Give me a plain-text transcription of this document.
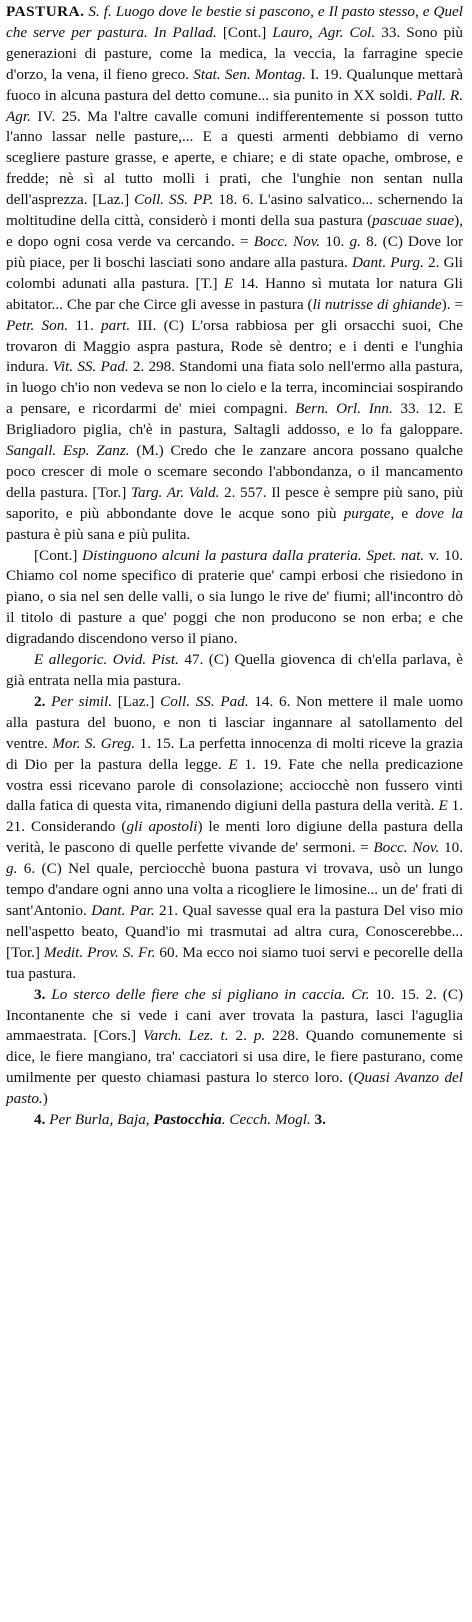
PASTURA. S. f. Luogo dove le bestie si pascono, e Il pasto stesso, e Quel che serve per pastura. In Pallad. [Cont.] Lauro, Agr. Col. 33. Sono più generazioni di pasture, come la medica, la veccia, la farragine specie d'orzo, la vena, il fieno greco. Stat. Sen. Montag. I. 19. Qualunque mettarà fuoco in alcuna pastura del detto comune... sia punito in XX soldi. Pall. R. Agr. IV. 25. Ma l'altre cavalle comuni indifferentemente si posson tutto l'anno lassar nelle pasture,... E a questi armenti debbiamo di verno scegliere pasture grasse, e aperte, e chiare; e di state opache, ombrose, e fredde; nè sì al tutto molli i prati, che l'unghie non sentan nulla dell'asprezza. [Laz.] Coll. SS. PP. 18. 6. L'asino salvatico... schernendo la moltitudine della città, considerò i monti della sua pastura (pascuae suae), e dopo ogni cosa verde va cercando. = Bocc. Nov. 10. g. 8. (C) Dove lor più piace, per li boschi lasciati sono andare alla pastura. Dant. Purg. 2. Gli colombi adunati alla pastura. [T.] E 14. Hanno sì mutata lor natura Gli abitator... Che par che Circe gli avesse in pastura (li nutrisse di ghiande). = Petr. Son. 11. part. III. (C) L'orsa rabbiosa per gli orsacchi suoi, Che trovaron di Maggio aspra pastura, Rode sè dentro; e i denti e l'unghia indura. Vit. SS. Pad. 2. 298. Standomi una fiata solo nell'ermo alla pastura, in luogo ch'io non vedeva se non lo cielo e la terra, incominciai sospirando a pensare, e ricordarmi de' miei compagni. Bern. Orl. Inn. 33. 12. E Brigliadoro piglia, ch'è in pastura, Saltagli addosso, e lo fa galoppare. Sangall. Esp. Zanz. (M.) Credo che le zanzare ancora possano qualche poco crescer di mole o scemare secondo l'abbondanza, o il mancamento della pastura. [Tor.] Targ. Ar. Vald. 2. 557. Il pesce è sempre più sano, più saporito, e più abbondante dove le acque sono più purgate, e dove la pastura è più sana e più pulita.

[Cont.] Distinguono alcuni la pastura dalla prateria. Spet. nat. v. 10. Chiamo col nome specifico di praterie que' campi erbosi che risiedono in piano, o sia nel sen delle valli, o sia lungo le rive de' fiumi; all'incontro dò il titolo di pasture a que' poggi che non producono se non erba; e che digradando discendono verso il piano.

E allegoric. Ovid. Pist. 47. (C) Quella giovenca di ch'ella parlava, è già entrata nella mia pastura.

2. Per simil. [Laz.] Coll. SS. Pad. 14. 6. Non mettere il male uomo alla pastura del buono, e non ti lasciar ingannare al satollamento del ventre. Mor. S. Greg. 1. 15. La perfetta innocenza di molti riceve la grazia di Dio per la pastura della legge. E 1. 19. Fate che nella predicazione vostra essi ricevano parole di consolazione; acciocchè non fussero vinti dalla fatica di questa vita, rimanendo digiuni della pastura della verità. E 1. 21. Considerando (gli apostoli) le menti loro digiune della pastura della verità, le pascono di quelle perfette vivande de' sermoni. = Bocc. Nov. 10. g. 6. (C) Nel quale, perciocchè buona pastura vi trovava, usò un lungo tempo d'andare ogni anno una volta a ricogliere le limosine... un de' frati di sant'Antonio. Dant. Par. 21. Qual savesse qual era la pastura Del viso mio nell'aspetto beato, Quand'io mi trasmutai ad altra cura, Conoscerebbe... [Tor.] Medit. Prov. S. Fr. 60. Ma ecco noi siamo tuoi servi e pecorelle della tua pastura.

3. Lo sterco delle fiere che si pigliano in caccia. Cr. 10. 15. 2. (C) Incontanente che si vede i cani aver trovata la pastura, lasci l'aguglia ammaestrata. [Cors.] Varch. Lez. t. 2. p. 228. Quando comunemente si dice, le fiere mangiano, tra' cacciatori si usa dire, le fiere pasturano, come umilmente per questo chiamasi pastura lo sterco loro. (Quasi Avanzo del pasto.)

4. Per Burla, Baja, Pastocchia. Cecch. Mogl. 3.
